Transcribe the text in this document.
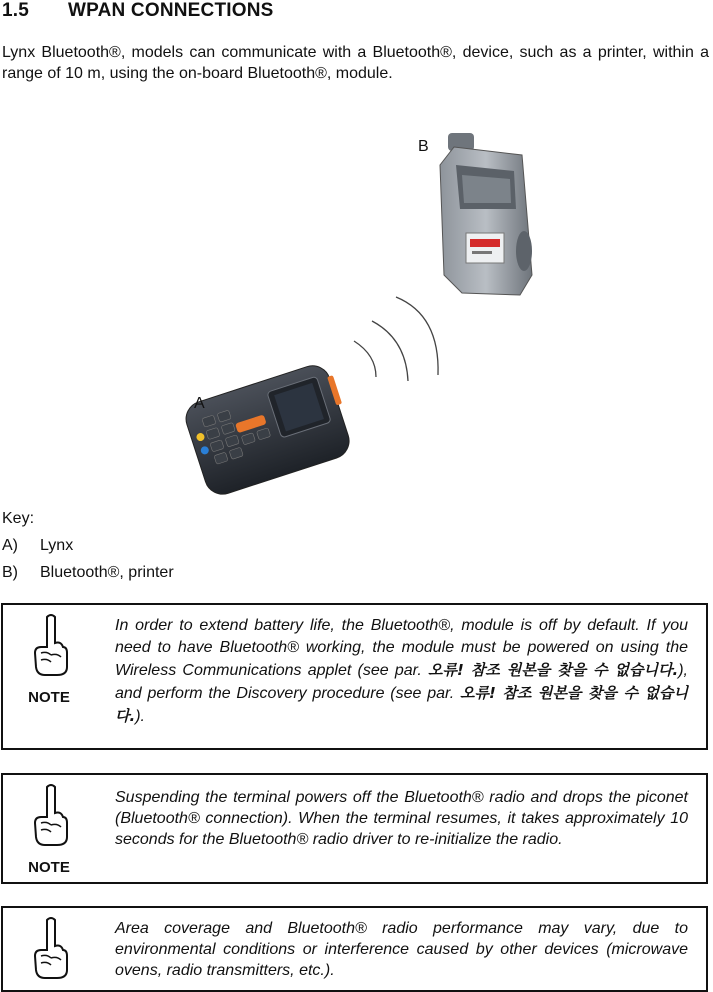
1.5 WPAN CONNECTIONS
Lynx Bluetooth®, models can communicate with a Bluetooth®, device, such as a printer, within a range of 10 m, using the on-board Bluetooth®, module.
B
A
Key:
A) Lynx
B) Bluetooth®, printer
NOTE
In order to extend battery life, the Bluetooth®, module is off by default. If you need to have Bluetooth® working, the module must be powered on using the Wireless Communications applet (see par. 오류! 참조 원본을 찾을 수 없습니다.), and perform the Discovery procedure (see par. 오류! 참조 원본을 찾을 수 없습니다.).
NOTE
Suspending the terminal powers off the Bluetooth® radio and drops the piconet (Bluetooth® connection). When the terminal resumes, it takes approximately 10 seconds for the Bluetooth® radio driver to re-initialize the radio.
Area coverage and Bluetooth® radio performance may vary, due to environmental conditions or interference caused by other devices (microwave ovens, radio transmitters, etc.).
